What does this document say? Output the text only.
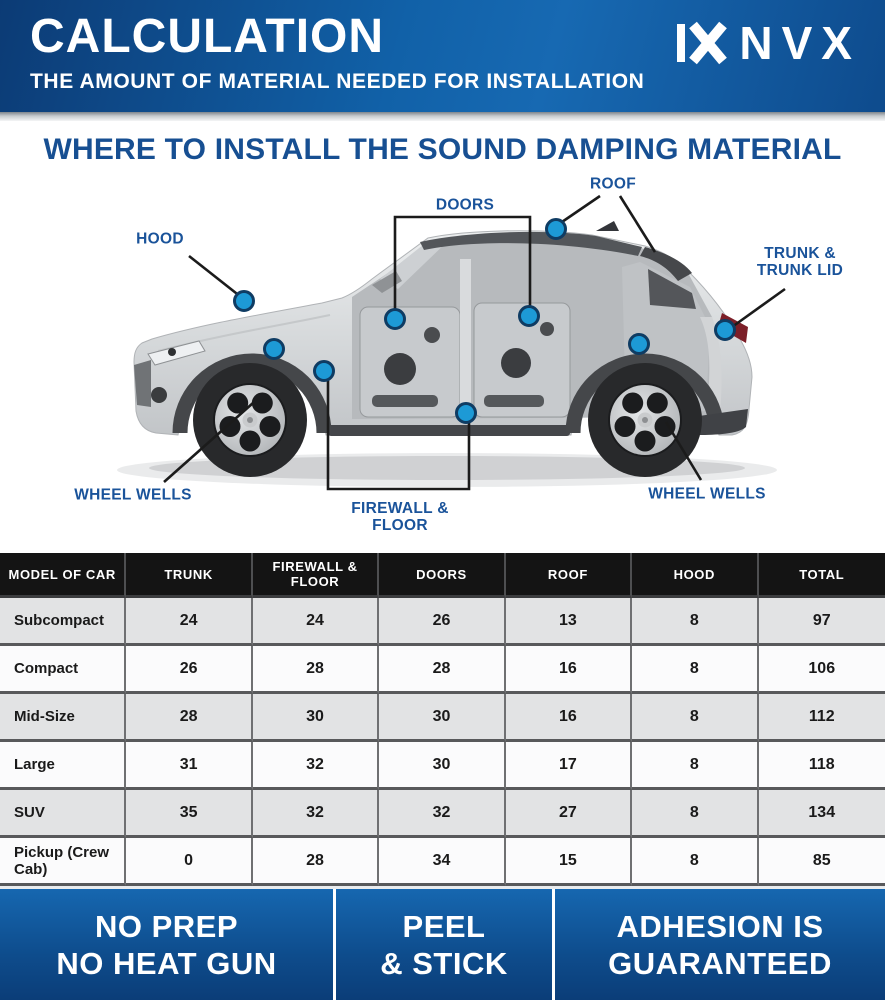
CALCULATION
THE AMOUNT OF MATERIAL NEEDED FOR INSTALLATION
NVX
WHERE TO INSTALL THE SOUND DAMPING MATERIAL
ROOF
DOORS
HOOD
TRUNK &
TRUNK LID
WHEEL WELLS
FIREWALL &
FLOOR
WHEEL WELLS
MODEL OF CAR	TRUNK	FIREWALL & FLOOR	DOORS	ROOF	HOOD	TOTAL
Subcompact	24	24	26	13	8	97
Compact	26	28	28	16	8	106
Mid-Size	28	30	30	16	8	112
Large	31	32	30	17	8	118
SUV	35	32	32	27	8	134
Pickup (Crew Cab)	0	28	34	15	8	85
NO PREP
NO HEAT GUN
PEEL
& STICK
ADHESION IS
GUARANTEED
